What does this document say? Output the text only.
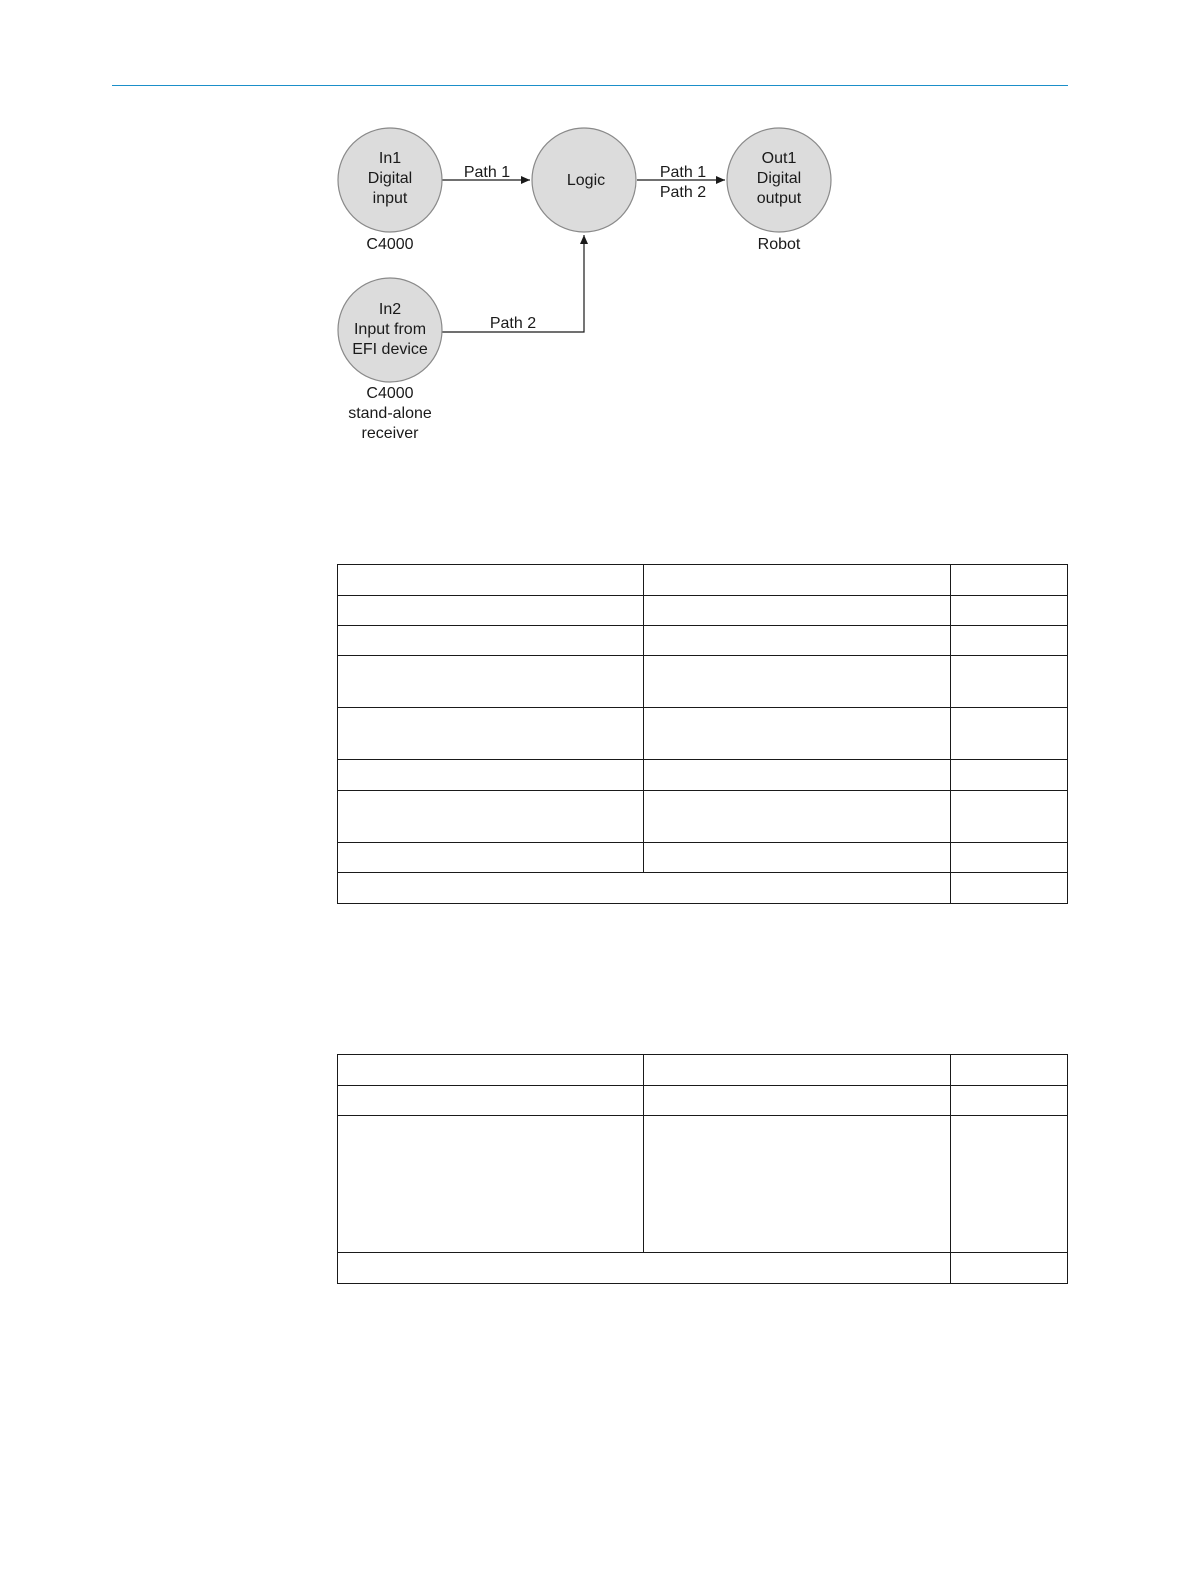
In1
Digital
input
C4000
Logic
Out1
Digital
output
Robot
In2
Input from
EFI device
C4000
stand-alone
receiver
Path 1	Path 1
Path 2
Path 2
